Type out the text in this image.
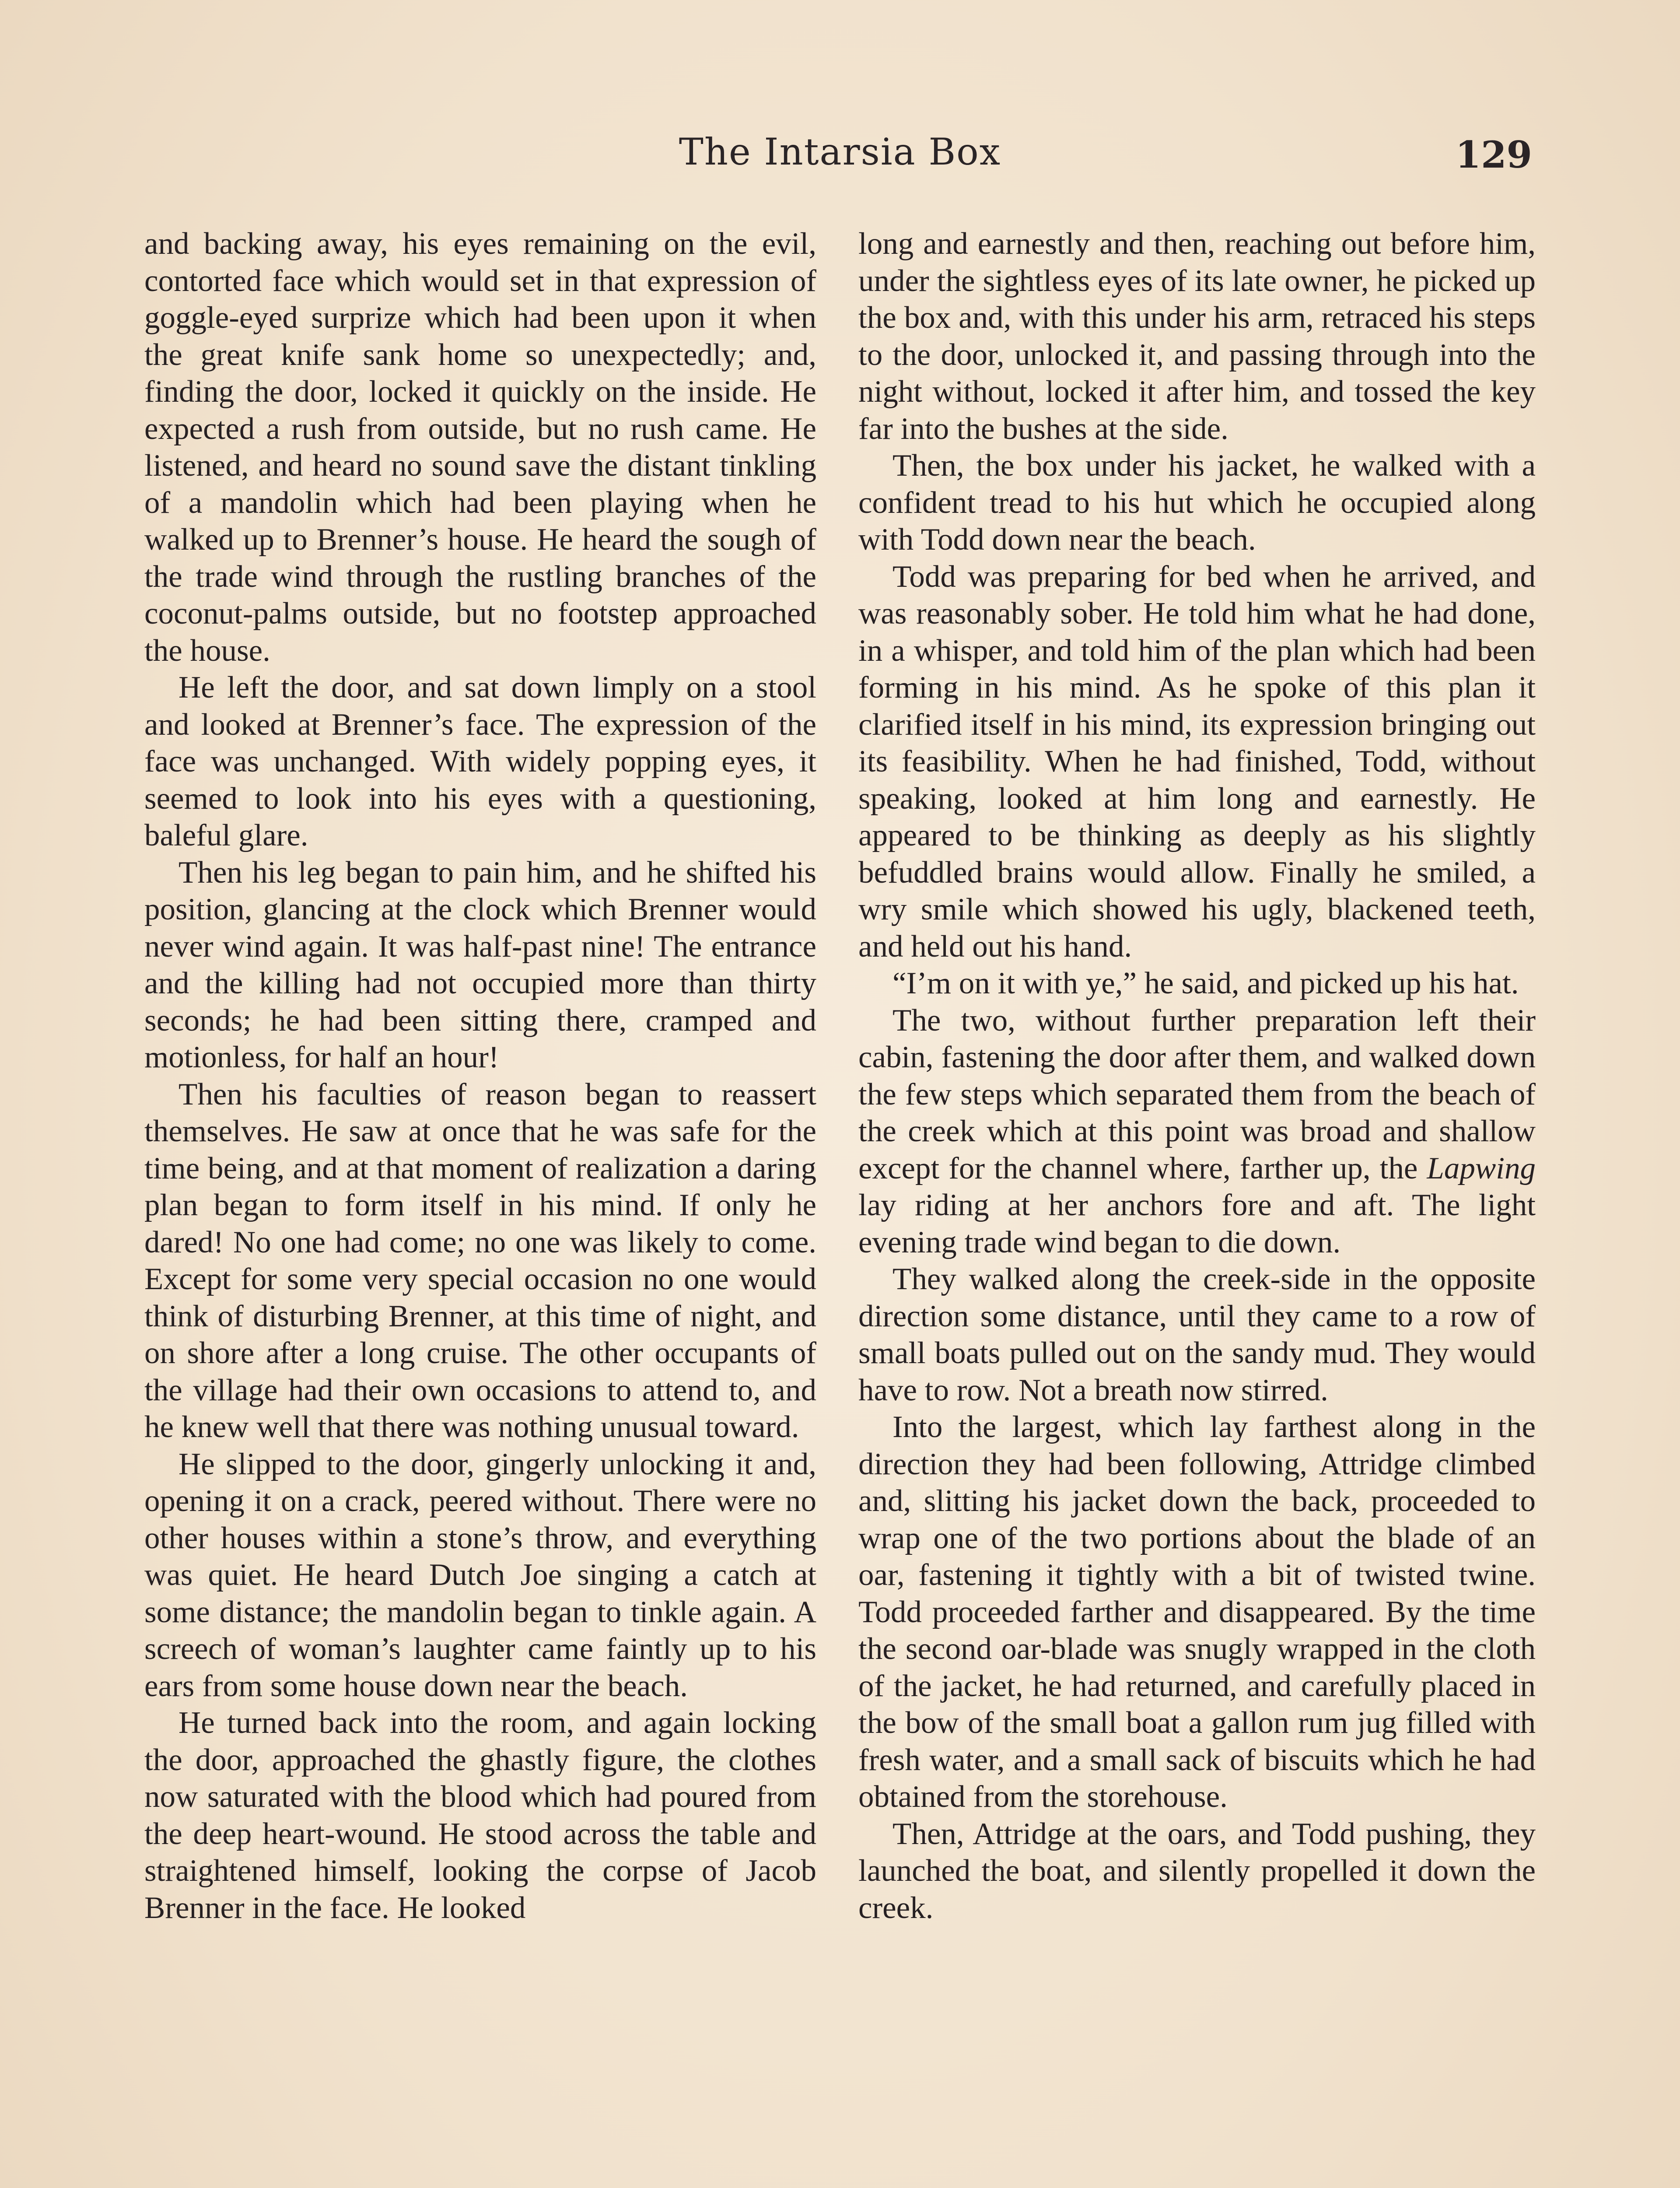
The Intarsia Box	129

and backing away, his eyes remaining on the evil, contorted face which would set in that expression of goggle-eyed surprize which had been upon it when the great knife sank home so unexpectedly; and, finding the door, locked it quickly on the inside. He expected a rush from outside, but no rush came. He listened, and heard no sound save the distant tinkling of a mandolin which had been playing when he walked up to Brenner’s house. He heard the sough of the trade wind through the rustling branches of the coconut-palms outside, but no footstep approached the house.

He left the door, and sat down limply on a stool and looked at Brenner’s face. The expression of the face was unchanged. With widely popping eyes, it seemed to look into his eyes with a questioning, baleful glare.

Then his leg began to pain him, and he shifted his position, glancing at the clock which Brenner would never wind again. It was half-past nine! The entrance and the killing had not occupied more than thirty seconds; he had been sitting there, cramped and motionless, for half an hour!

Then his faculties of reason began to reassert themselves. He saw at once that he was safe for the time being, and at that moment of realization a daring plan began to form itself in his mind. If only he dared! No one had come; no one was likely to come. Except for some very special occasion no one would think of disturbing Brenner, at this time of night, and on shore after a long cruise. The other occupants of the village had their own occasions to attend to, and he knew well that there was nothing unusual toward.

He slipped to the door, gingerly unlocking it and, opening it on a crack, peered without. There were no other houses within a stone’s throw, and everything was quiet. He heard Dutch Joe singing a catch at some distance; the mandolin began to tinkle again. A screech of woman’s laughter came faintly up to his ears from some house down near the beach.

He turned back into the room, and again locking the door, approached the ghastly figure, the clothes now saturated with the blood which had poured from the deep heart-wound. He stood across the table and straightened himself, looking the corpse of Jacob Brenner in the face. He looked

long and earnestly and then, reaching out before him, under the sightless eyes of its late owner, he picked up the box and, with this under his arm, retraced his steps to the door, unlocked it, and passing through into the night without, locked it after him, and tossed the key far into the bushes at the side.

Then, the box under his jacket, he walked with a confident tread to his hut which he occupied along with Todd down near the beach.

Todd was preparing for bed when he arrived, and was reasonably sober. He told him what he had done, in a whisper, and told him of the plan which had been forming in his mind. As he spoke of this plan it clarified itself in his mind, its expression bringing out its feasibility. When he had finished, Todd, without speaking, looked at him long and earnestly. He appeared to be thinking as deeply as his slightly befuddled brains would allow. Finally he smiled, a wry smile which showed his ugly, blackened teeth, and held out his hand.

“I’m on it with ye,” he said, and picked up his hat.

The two, without further preparation left their cabin, fastening the door after them, and walked down the few steps which separated them from the beach of the creek which at this point was broad and shallow except for the channel where, farther up, the Lapwing lay riding at her anchors fore and aft. The light evening trade wind began to die down.

They walked along the creek-side in the opposite direction some distance, until they came to a row of small boats pulled out on the sandy mud. They would have to row. Not a breath now stirred.

Into the largest, which lay farthest along in the direction they had been following, Attridge climbed and, slitting his jacket down the back, proceeded to wrap one of the two portions about the blade of an oar, fastening it tightly with a bit of twisted twine. Todd proceeded farther and disappeared. By the time the second oar-blade was snugly wrapped in the cloth of the jacket, he had returned, and carefully placed in the bow of the small boat a gallon rum jug filled with fresh water, and a small sack of biscuits which he had obtained from the storehouse.

Then, Attridge at the oars, and Todd pushing, they launched the boat, and silently propelled it down the creek.
